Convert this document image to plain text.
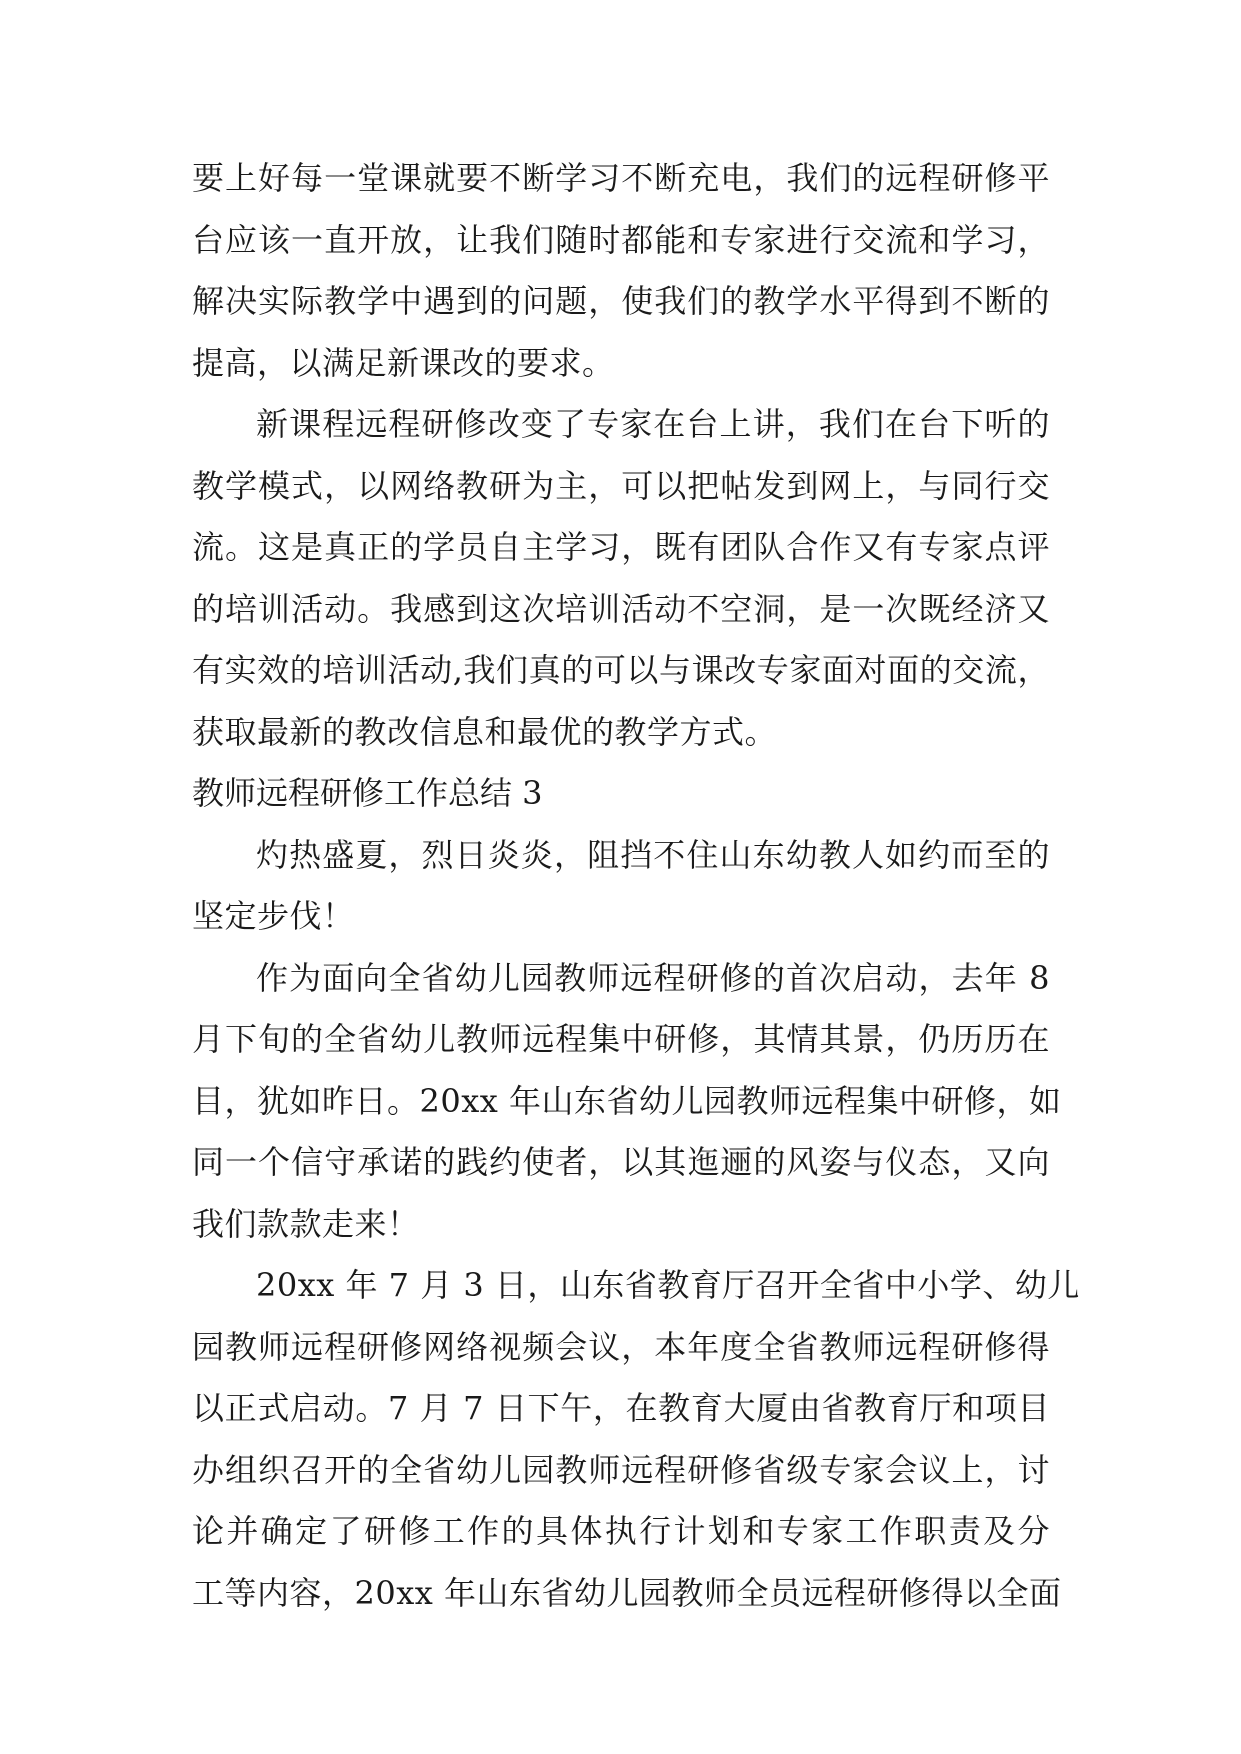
要上好每一堂课就要不断学习不断充电，我们的远程研修平
台应该一直开放，让我们随时都能和专家进行交流和学习，
解决实际教学中遇到的问题，使我们的教学水平得到不断的
提高，以满足新课改的要求。
新课程远程研修改变了专家在台上讲，我们在台下听的
教学模式，以网络教研为主，可以把帖发到网上，与同行交
流。这是真正的学员自主学习，既有团队合作又有专家点评
的培训活动。我感到这次培训活动不空洞，是一次既经济又
有实效的培训活动,我们真的可以与课改专家面对面的交流，
获取最新的教改信息和最优的教学方式。
教师远程研修工作总结 3
灼热盛夏，烈日炎炎，阻挡不住山东幼教人如约而至的
坚定步伐！
作为面向全省幼儿园教师远程研修的首次启动，去年 8
月下旬的全省幼儿教师远程集中研修，其情其景，仍历历在
目，犹如昨日。20xx 年山东省幼儿园教师远程集中研修，如
同一个信守承诺的践约使者，以其迤逦的风姿与仪态，又向
我们款款走来！
20xx 年 7 月 3 日，山东省教育厅召开全省中小学、幼儿
园教师远程研修网络视频会议，本年度全省教师远程研修得
以正式启动。7 月 7 日下午，在教育大厦由省教育厅和项目
办组织召开的全省幼儿园教师远程研修省级专家会议上，讨
论并确定了研修工作的具体执行计划和专家工作职责及分
工等内容，20xx 年山东省幼儿园教师全员远程研修得以全面
